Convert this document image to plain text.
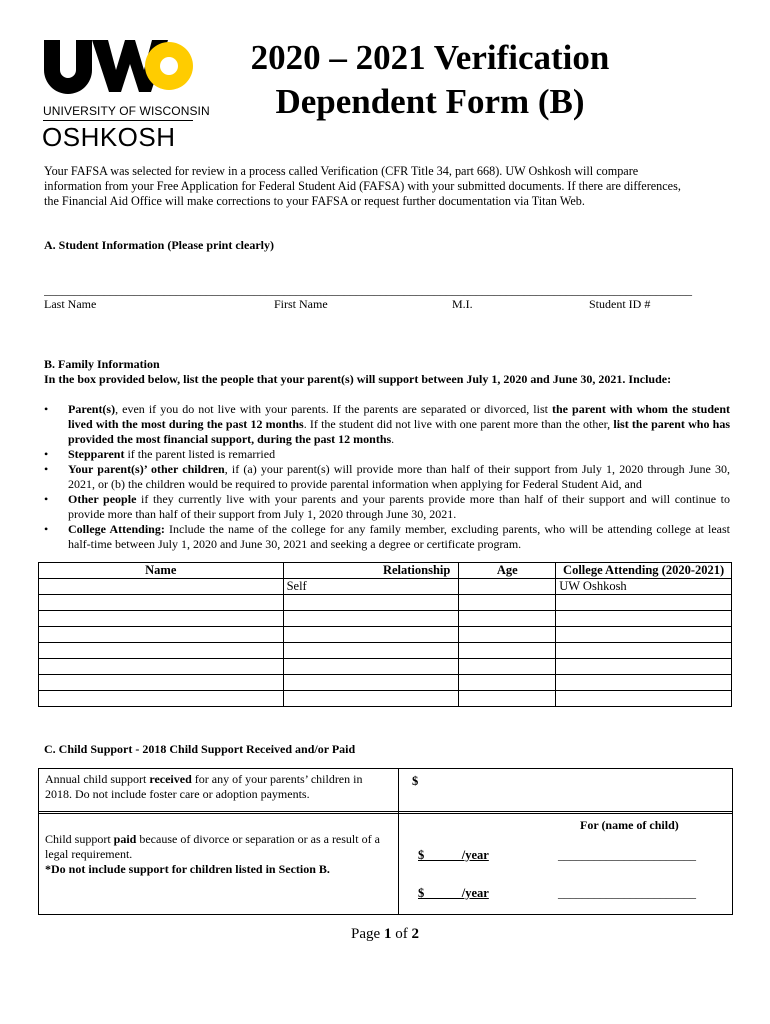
UNIVERSITY OF WISCONSIN
OSHKOSH
2020 – 2021 Verification
Dependent Form (B)
Your FAFSA was selected for review in a process called Verification (CFR Title 34, part 668). UW Oshkosh will compare
information from your Free Application for Federal Student Aid (FAFSA) with your submitted documents. If there are differences,
the Financial Aid Office will make corrections to your FAFSA or request further documentation via Titan Web.
A. Student Information (Please print clearly)
____________________________________________________________________________________________________________
Last Name	First Name	M.I.	Student ID #
B. Family Information
In the box provided below, list the people that your parent(s) will support between July 1, 2020 and June 30, 2021. Include:
• Parent(s), even if you do not live with your parents. If the parents are separated or divorced, list the parent with whom the student lived with the most during the past 12 months. If the student did not live with one parent more than the other, list the parent who has provided the most financial support, during the past 12 months.
• Stepparent if the parent listed is remarried
• Your parent(s)’ other children, if (a) your parent(s) will provide more than half of their support from July 1, 2020 through June 30, 2021, or (b) the children would be required to provide parental information when applying for Federal Student Aid, and
• Other people if they currently live with your parents and your parents provide more than half of their support and will continue to provide more than half of their support from July 1, 2020 through June 30, 2021.
• College Attending: Include the name of the college for any family member, excluding parents, who will be attending college at least half-time between July 1, 2020 and June 30, 2021 and seeking a degree or certificate program.
Name	Relationship	Age	College Attending (2020-2021)
	Self		UW Oshkosh

C. Child Support - 2018 Child Support Received and/or Paid
Annual child support received for any of your parents’ children in 2018. Do not include foster care or adoption payments.
$
Child support paid because of divorce or separation or as a result of a legal requirement.
*Do not include support for children listed in Section B.
For (name of child)
$            /year	_______________________
$            /year	_______________________
Page 1 of 2
